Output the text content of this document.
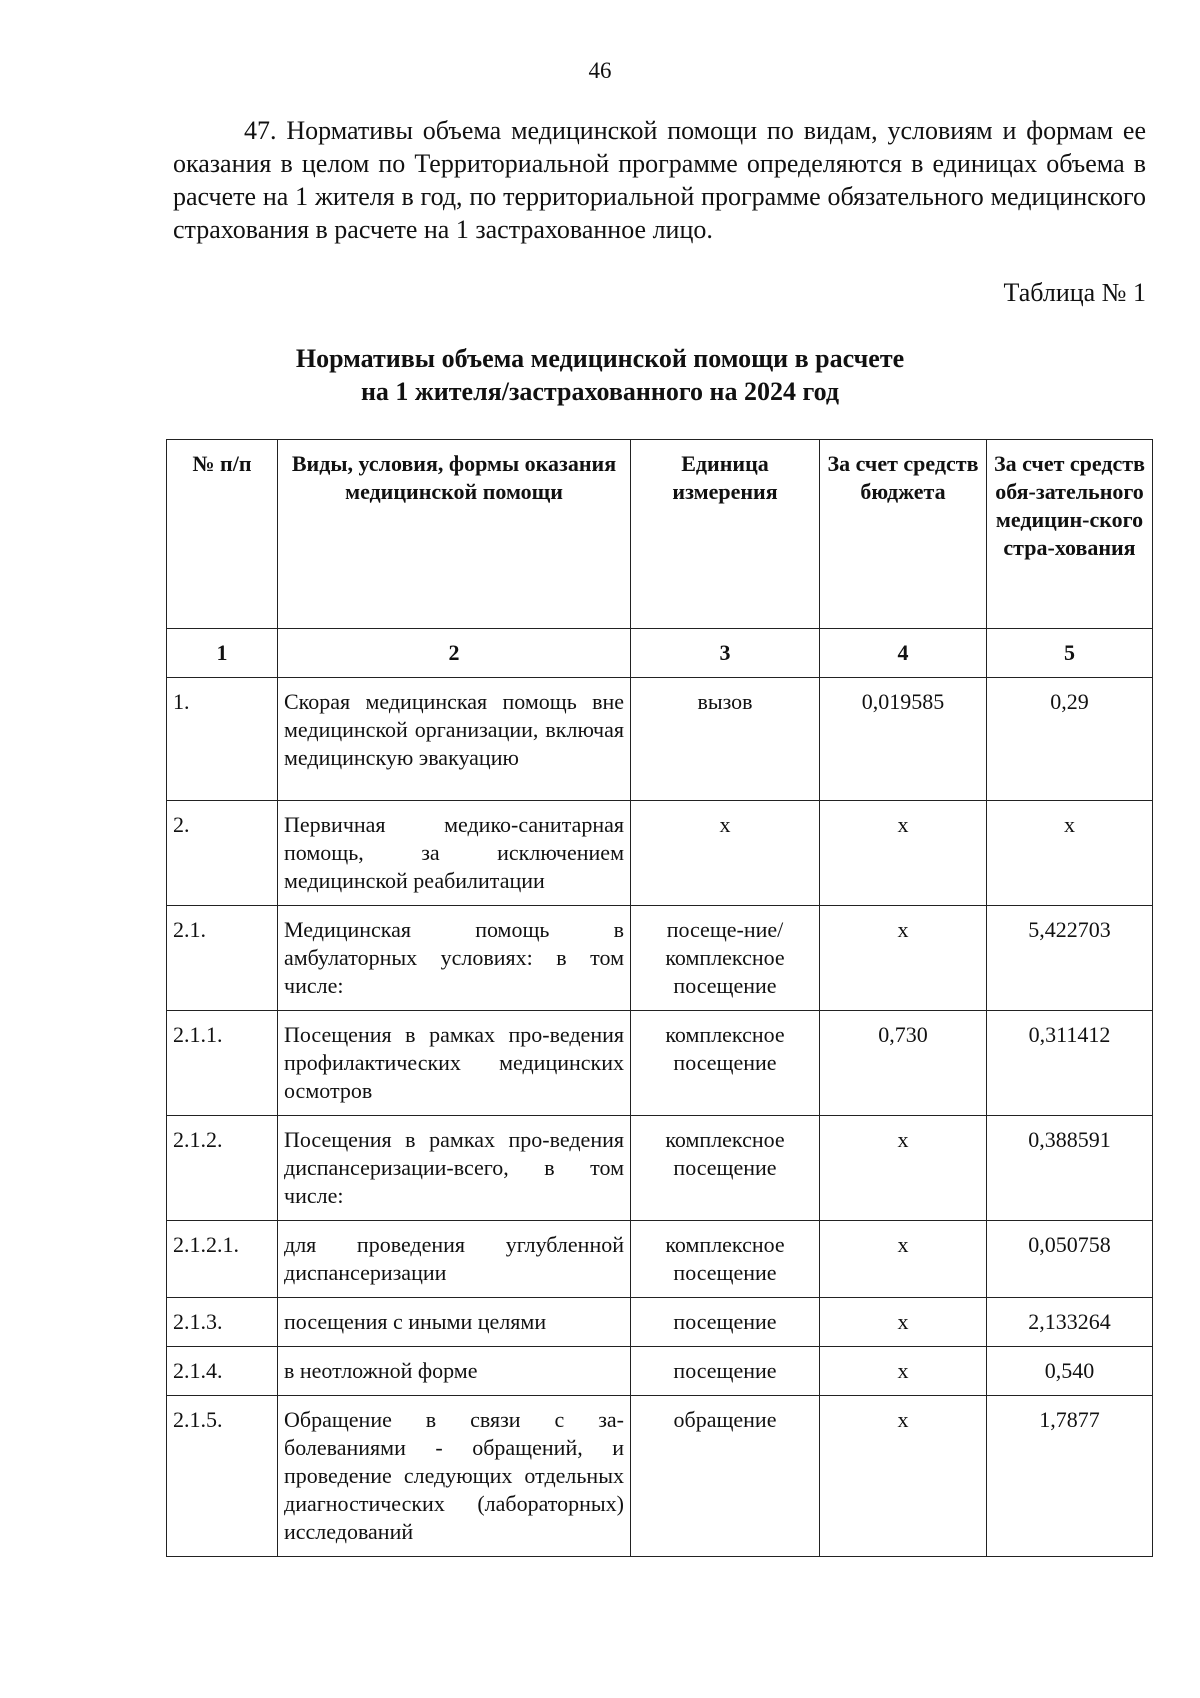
46

47. Нормативы объема медицинской помощи по видам, условиям и формам ее оказания в целом по Территориальной программе определяются в единицах объема в расчете на 1 жителя в год, по территориальной программе обязательного медицинского страхования в расчете на 1 застрахованное лицо.

Таблица № 1
Нормативы объема медицинской помощи в расчете
на 1 жителя/застрахованного на 2024 год
№ п/п	Виды, условия, формы оказания медицинской помощи	Единица измерения	За счет средств бюджета	За счет средств обя-зательного медицин-ского стра-хования
1	2	3	4	5
1.	Скорая медицинская помощь вне медицинской организации, включая медицинскую эвакуацию	вызов	0,019585	0,29
2.	Первичная медико-санитарная помощь, за исключением медицинской реабилитации	х	х	х
2.1.	Медицинская помощь в амбулаторных условиях: в том числе:	посеще-ние/комплексное посещение	х	5,422703
2.1.1.	Посещения в рамках про-ведения профилактических медицинских осмотров	комплексное посещение	0,730	0,311412
2.1.2.	Посещения в рамках про-ведения диспансеризации-всего, в том числе:	комплексное посещение	х	0,388591
2.1.2.1.	для проведения углубленной диспансеризации	комплексное посещение	х	0,050758
2.1.3.	посещения с иными целями	посещение	х	2,133264
2.1.4.	в неотложной форме	посещение	х	0,540
2.1.5.	Обращение в связи с за-болеваниями - обращений, и проведение следующих отдельных диагностических (лабораторных) исследований	обращение	х	1,7877
